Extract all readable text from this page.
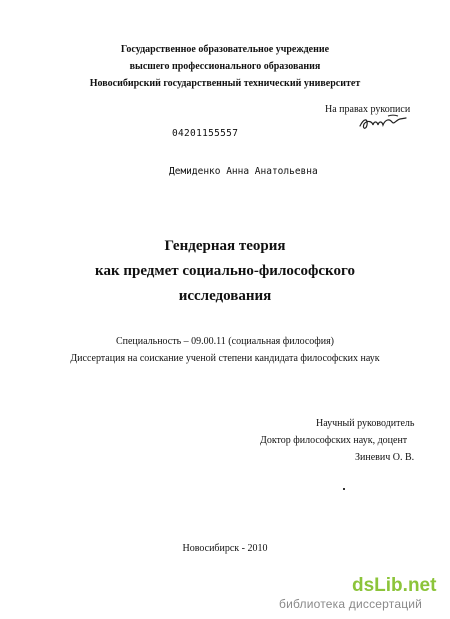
Государственное образовательное учреждение
высшего профессионального образования
Новосибирский государственный технический университет
На правах рукописи
04201155557
Демиденко Анна Анатольевна
Гендерная теория
как предмет социально-философского
исследования
Специальность – 09.00.11 (социальная философия)
Диссертация на соискание ученой степени кандидата философских наук
Научный руководитель
Доктор философских наук, доцент
Зиневич О. В.
Новосибирск - 2010
dsLib.net
библиотека диссертаций
